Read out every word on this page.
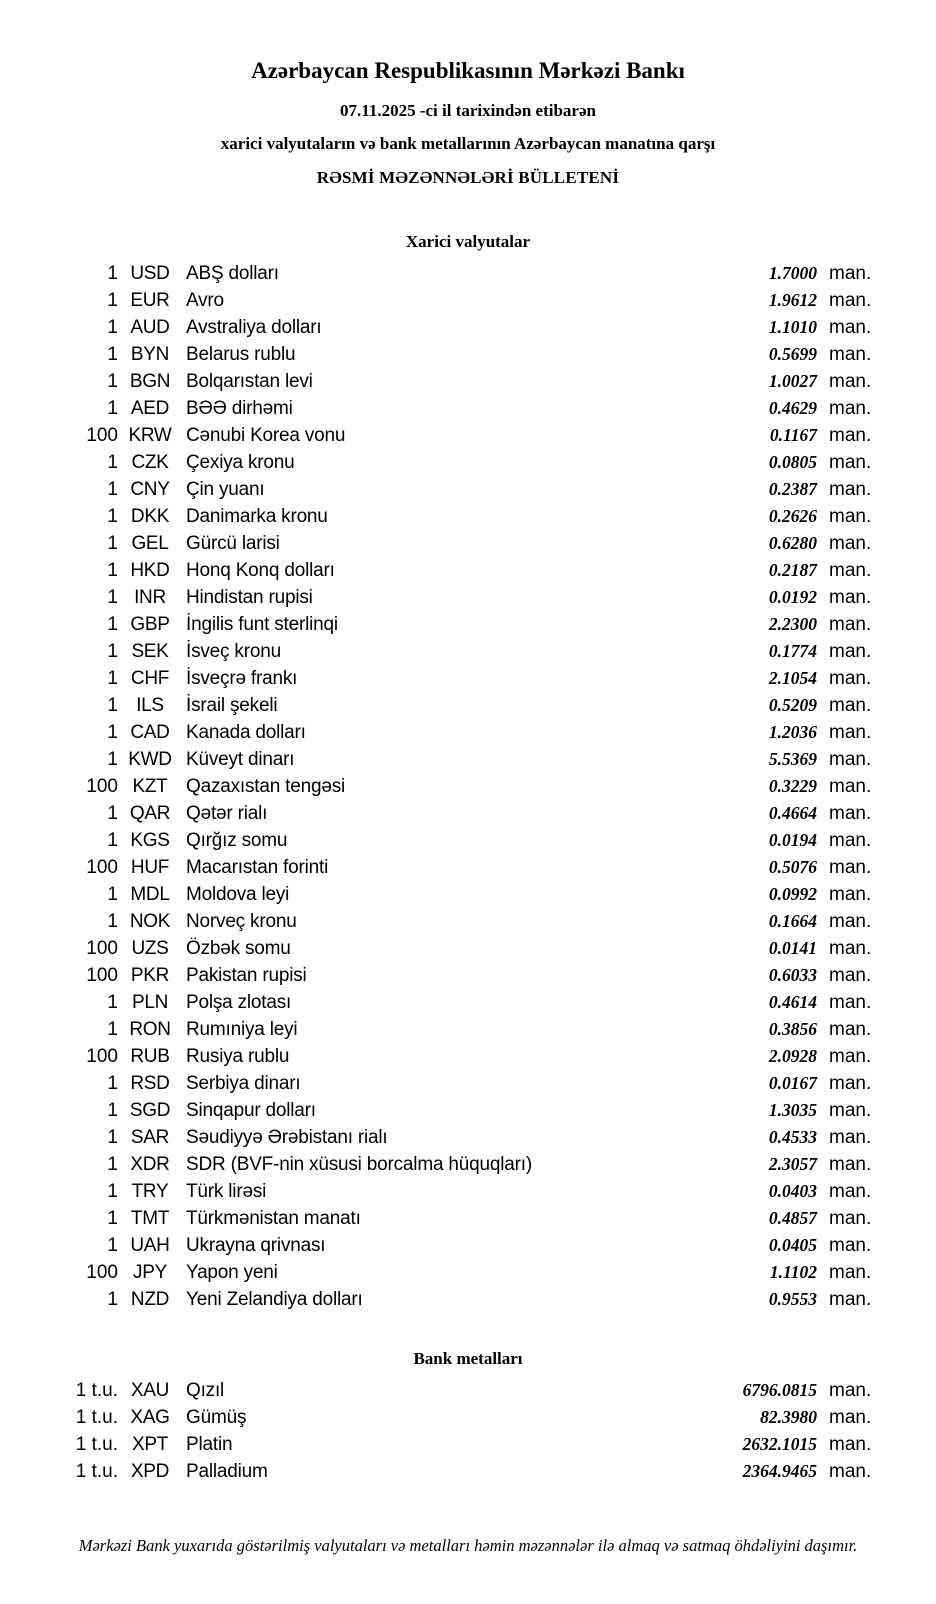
Azərbaycan Respublikasının Mərkəzi Bankı
07.11.2025 -ci il tarixindən etibarən
xarici valyutaların və bank metallarının Azərbaycan manatına qarşı
RƏSMİ MƏZƏNNƏLƏRİ BÜLLETENİ
Xarici valyutalar
1 USD ABŞ dolları	1.7000 man.
1 EUR Avro	1.9612 man.
1 AUD Avstraliya dolları	1.1010 man.
1 BYN Belarus rublu	0.5699 man.
1 BGN Bolqarıstan levi	1.0027 man.
1 AED BƏƏ dirhəmi	0.4629 man.
100 KRW Cənubi Korea vonu	0.1167 man.
1 CZK Çexiya kronu	0.0805 man.
1 CNY Çin yuanı	0.2387 man.
1 DKK Danimarka kronu	0.2626 man.
1 GEL Gürcü larisi	0.6280 man.
1 HKD Honq Konq dolları	0.2187 man.
1 INR	Hindistan rupisi	0.0192 man.
1 GBP İngilis funt sterlinqi	2.2300 man.
1 SEK İsveç kronu	0.1774 man.
1 CHF İsveçrə frankı	2.1054 man.
1 ILS	İsrail şekeli	0.5209 man.
1 CAD Kanada dolları	1.2036 man.
1 KWD Küveyt dinarı	5.5369 man.
100 KZT Qazaxıstan tengəsi	0.3229 man.
1 QAR Qətər rialı	0.4664 man.
1 KGS Qırğız somu	0.0194 man.
100 HUF Macarıstan forinti	0.5076 man.
1 MDL Moldova leyi	0.0992 man.
1 NOK Norveç kronu	0.1664 man.
100 UZS Özbək somu	0.0141 man.
100 PKR Pakistan rupisi	0.6033 man.
1 PLN Polşa zlotası	0.4614 man.
1 RON Rumıniya leyi	0.3856 man.
100 RUB Rusiya rublu	2.0928 man.
1 RSD Serbiya dinarı	0.0167 man.
1 SGD Sinqapur dolları	1.3035 man.
1 SAR Səudiyyə Ərəbistanı rialı	0.4533 man.
1 XDR SDR (BVF-nin xüsusi borcalma hüquqları)	2.3057 man.
1 TRY Türk lirəsi	0.0403 man.
1 TMT Türkmənistan manatı	0.4857 man.
1 UAH Ukrayna qrivnası	0.0405 man.
100 JPY	Yapon yeni	1.1102 man.
1 NZD Yeni Zelandiya dolları	0.9553 man.
Bank metalları
1 t.u. XAU Qızıl	6796.0815 man.
1 t.u. XAG Gümüş	82.3980 man.
1 t.u. XPT Platin	2632.1015 man.
1 t.u. XPD Palladium	2364.9465 man.

Mərkəzi Bank yuxarıda göstərilmiş valyutaları və metalları həmin məzənnələr ilə almaq və satmaq öhdəliyini daşımır.
